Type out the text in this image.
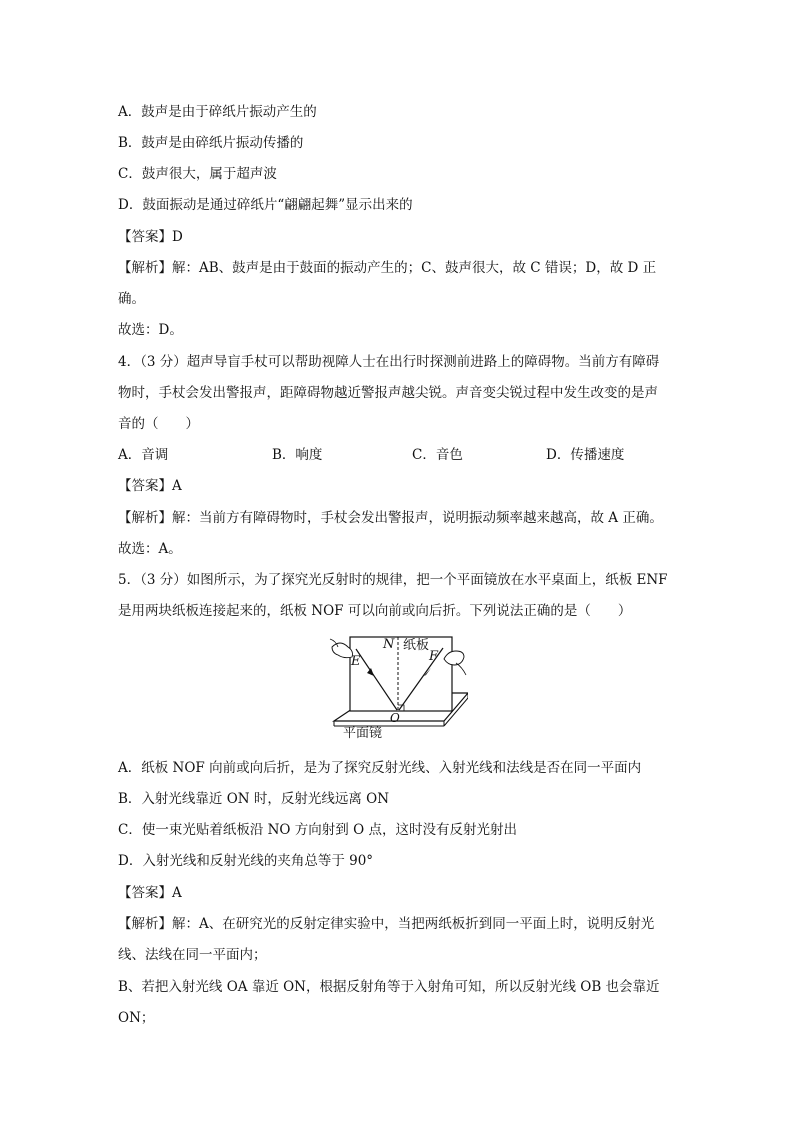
A．鼓声是由于碎纸片振动产生的
B．鼓声是由碎纸片振动传播的
C．鼓声很大，属于超声波
D．鼓面振动是通过碎纸片“翩翩起舞”显示出来的
【答案】D
【解析】解：AB、鼓声是由于鼓面的振动产生的；C、鼓声很大，故 C 错误；D，故 D 正
确。
故选：D。
4．（3 分）超声导盲手杖可以帮助视障人士在出行时探测前进路上的障碍物。当前方有障碍
物时，手杖会发出警报声，距障碍物越近警报声越尖锐。声音变尖锐过程中发生改变的是声
音的（　　）
A．音调	B．响度	C．音色	D．传播速度
【答案】A
【解析】解：当前方有障碍物时，手杖会发出警报声，说明振动频率越来越高，故 A 正确。
故选：A。
5．（3 分）如图所示，为了探究光反射时的规律，把一个平面镜放在水平桌面上，纸板 ENF
是用两块纸板连接起来的，纸板 NOF 可以向前或向后折。下列说法正确的是（　　）
N 纸板
E	F
O
平面镜
A．纸板 NOF 向前或向后折，是为了探究反射光线、入射光线和法线是否在同一平面内
B．入射光线靠近 ON 时，反射光线远离 ON
C．使一束光贴着纸板沿 NO 方向射到 O 点，这时没有反射光射出
D．入射光线和反射光线的夹角总等于 90°
【答案】A
【解析】解：A、在研究光的反射定律实验中，当把两纸板折到同一平面上时，说明反射光
线、法线在同一平面内；
B、若把入射光线 OA 靠近 ON，根据反射角等于入射角可知，所以反射光线 OB 也会靠近
ON；
